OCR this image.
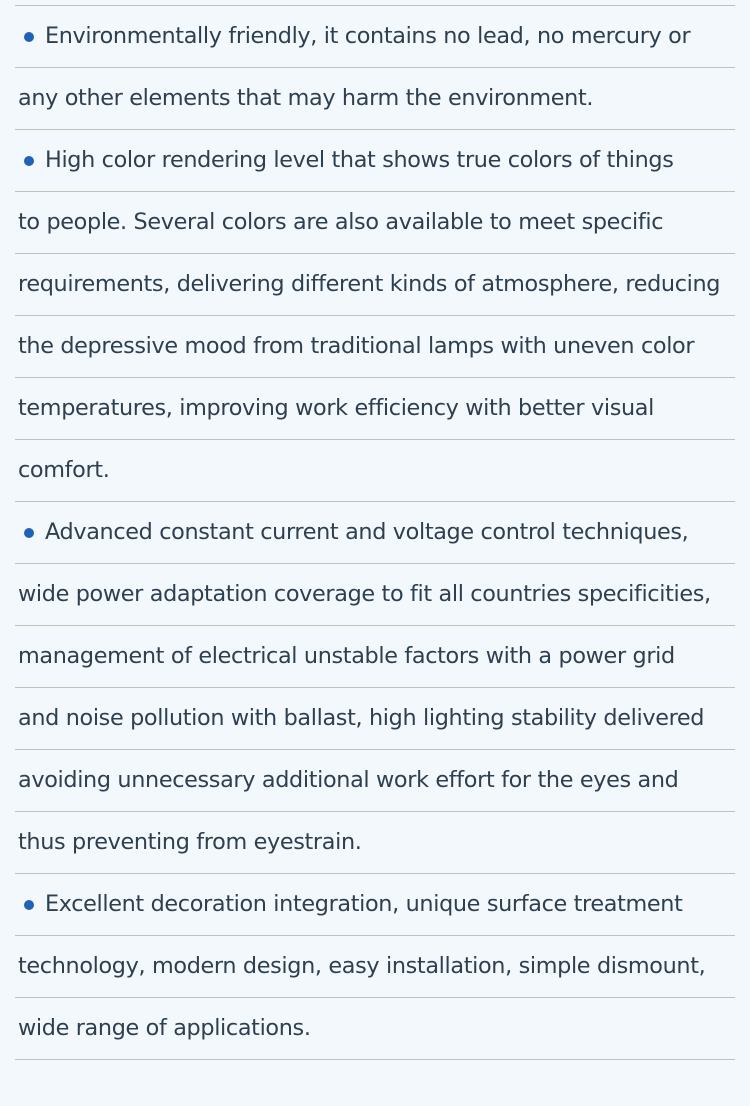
Environmentally friendly, it contains no lead, no mercury or
any other elements that may harm the environment.
High color rendering level that shows true colors of things
to people. Several colors are also available to meet specific
requirements, delivering different kinds of atmosphere, reducing
the depressive mood from traditional lamps with uneven color
temperatures, improving work efficiency with better visual
comfort.
Advanced constant current and voltage control techniques,
wide power adaptation coverage to fit all countries specificities,
management of electrical unstable factors with a power grid
and noise pollution with ballast, high lighting stability delivered
avoiding unnecessary additional work effort for the eyes and
thus preventing from eyestrain.
Excellent decoration integration, unique surface treatment
technology, modern design, easy installation, simple dismount,
wide range of applications.
